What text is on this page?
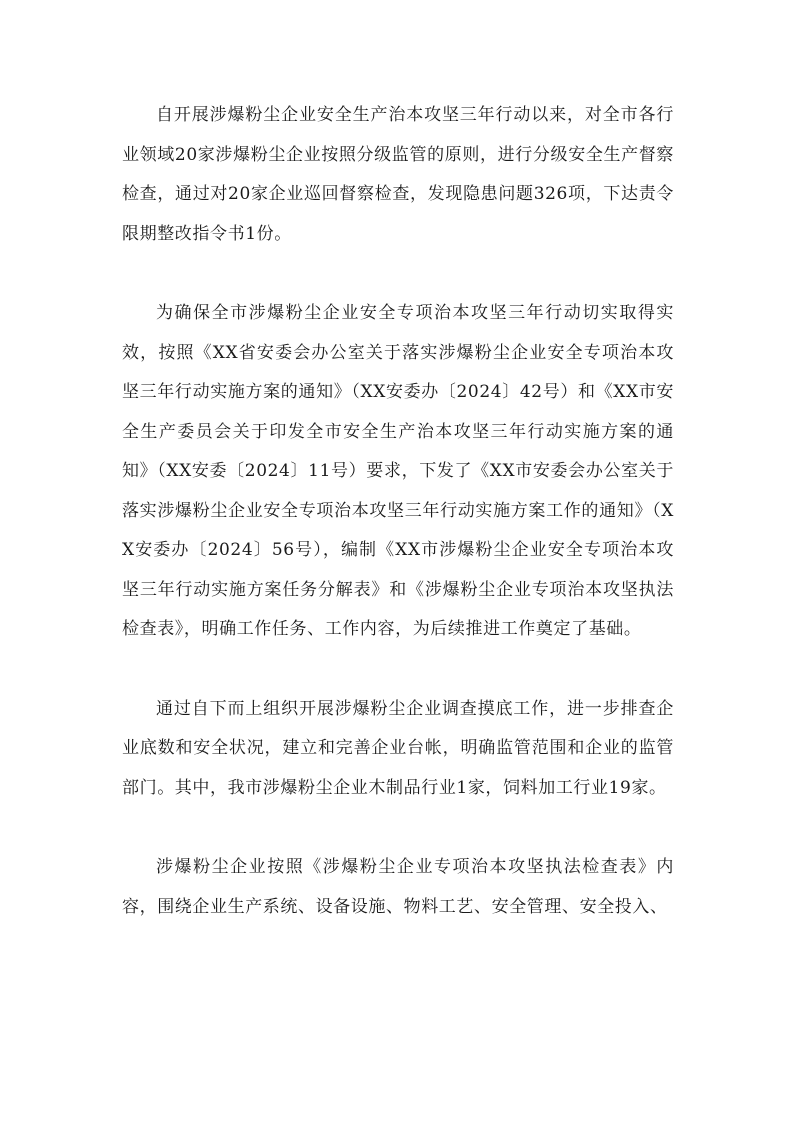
自开展涉爆粉尘企业安全生产治本攻坚三年行动以来，对全市各行业领域20家涉爆粉尘企业按照分级监管的原则，进行分级安全生产督察检查，通过对20家企业巡回督察检查，发现隐患问题326项，下达责令限期整改指令书1份。

为确保全市涉爆粉尘企业安全专项治本攻坚三年行动切实取得实效，按照《XX省安委会办公室关于落实涉爆粉尘企业安全专项治本攻坚三年行动实施方案的通知》（XX安委办〔2024〕42号）和《XX市安全生产委员会关于印发全市安全生产治本攻坚三年行动实施方案的通知》（XX安委〔2024〕11号）要求，下发了《XX市安委会办公室关于落实涉爆粉尘企业安全专项治本攻坚三年行动实施方案工作的通知》（XX安委办〔2024〕56号），编制《XX市涉爆粉尘企业安全专项治本攻坚三年行动实施方案任务分解表》和《涉爆粉尘企业专项治本攻坚执法检查表》，明确工作任务、工作内容，为后续推进工作奠定了基础。

通过自下而上组织开展涉爆粉尘企业调查摸底工作，进一步排查企业底数和安全状况，建立和完善企业台帐，明确监管范围和企业的监管部门。其中，我市涉爆粉尘企业木制品行业1家，饲料加工行业19家。

涉爆粉尘企业按照《涉爆粉尘企业专项治本攻坚执法检查表》内容，围绕企业生产系统、设备设施、物料工艺、安全管理、安全投入、
